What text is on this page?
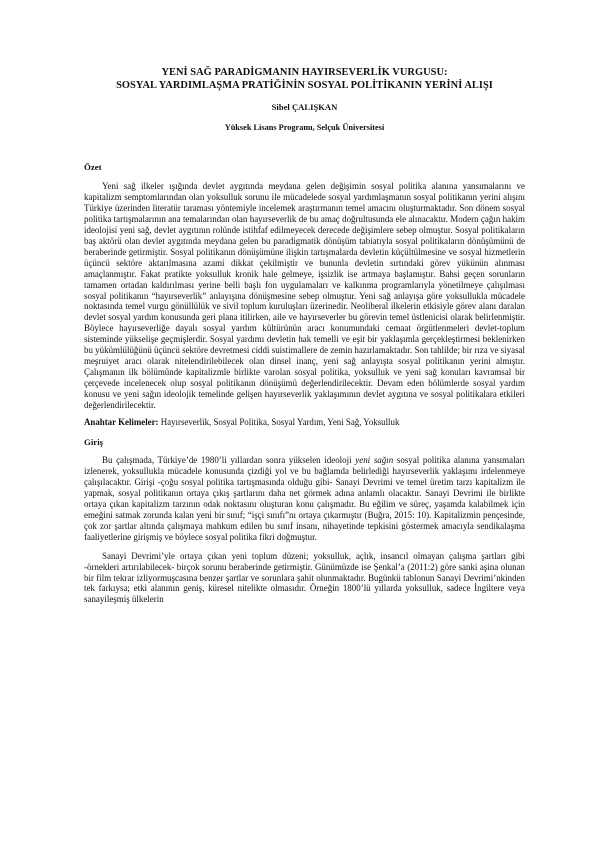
YENİ SAĞ PARADİGMANIN HAYIRSEVERLİK VURGUSU:
SOSYAL YARDIMLAŞMA PRATİĞİNİN SOSYAL POLİTİKANIN YERİNİ ALIŞI
Sibel ÇALIŞKAN
Yüksek Lisans Programı, Selçuk Üniversitesi
Özet

Yeni sağ ilkeler ışığında devlet aygıtında meydana gelen değişimin sosyal politika alanına yansımalarını ve kapitalizm semptomlarından olan yoksulluk sorunu ile mücadelede sosyal yardımlaşmanın sosyal politikanın yerini alışını Türkiye üzerinden literatür taraması yöntemiyle incelemek araştırmanın temel amacını oluşturmaktadır. Son dönem sosyal politika tartışmalarının ana temalarından olan hayırseverlik de bu amaç doğrultusunda ele alınacaktır. Modern çağın hakim ideolojisi yeni sağ, devlet aygıtının rolünde istihfaf edilmeyecek derecede değişimlere sebep olmuştur. Sosyal politikaların baş aktörü olan devlet aygıtında meydana gelen bu paradigmatik dönüşüm tabiatıyla sosyal politikaların dönüşümünü de beraberinde getirmiştir. Sosyal politikanın dönüşümüne ilişkin tartışmalarda devletin küçültülmesine ve sosyal hizmetlerin üçüncü sektöre aktarılmasına azami dikkat çekilmiştir ve bununla devletin sırtındaki görev yükünün alınması amaçlanmıştır. Fakat pratikte yoksulluk kronik hale gelmeye, işsizlik ise artmaya başlamıştır. Bahsi geçen sorunların tamamen ortadan kaldırılması yerine belli başlı fon uygulamaları ve kalkınma programlarıyla yönetilmeye çalışılması sosyal politikanın “hayırseverlik” anlayışına dönüşmesine sebep olmuştur. Yeni sağ anlayışa göre yoksullukla mücadele noktasında temel vurgu gönüllülük ve sivil toplum kuruluşları üzerinedir. Neoliberal ilkelerin etkisiyle görev alanı daralan devlet sosyal yardım konusunda geri plana itilirken, aile ve hayırseverler bu görevin temel üstlenicisi olarak belirlenmiştir. Böylece hayırseverliğe dayalı sosyal yardım kültürünün aracı konumundaki cemaat örgütlenmeleri devlet-toplum sisteminde yükselişe geçmişlerdir. Sosyal yardımı devletin hak temelli ve eşit bir yaklaşımla gerçekleştirmesi beklenirken bu yükümlülüğünü üçüncü sektöre devretmesi ciddi suistimallere de zemin hazırlamaktadır. Son tahlilde; bir rıza ve siyasal meşruiyet aracı olarak nitelendirilebilecek olan dinsel inanç, yeni sağ anlayışta sosyal politikanın yerini almıştır. Çalışmanın ilk bölümünde kapitalizmle birlikte varolan sosyal politika, yoksulluk ve yeni sağ konuları kavramsal bir çerçevede incelenecek olup sosyal politikanın dönüşümü değerlendirilecektir. Devam eden bölümlerde sosyal yardım konusu ve yeni sağın ideolojik temelinde gelişen hayırseverlik yaklaşımının devlet aygıtına ve sosyal politikalara etkileri değerlendirilecektir.

Anahtar Kelimeler: Hayırseverlik, Sosyal Politika, Sosyal Yardım, Yeni Sağ, Yoksulluk

Giriş

Bu çalışmada, Türkiye’de 1980’li yıllardan sonra yükselen ideoloji yeni sağın sosyal politika alanına yansımaları izlenerek, yoksullukla mücadele konusunda çizdiği yol ve bu bağlamda belirlediği hayırseverlik yaklaşımı irdelenmeye çalışılacaktır. Girişi -çoğu sosyal politika tartışmasında olduğu gibi- Sanayi Devrimi ve temel üretim tarzı kapitalizm ile yapmak, sosyal politikanın ortaya çıkış şartlarını daha net görmek adına anlamlı olacaktır. Sanayi Devrimi ile birlikte ortaya çıkan kapitalizm tarzının odak noktasını oluşturan konu çalışmadır. Bu eğilim ve süreç, yaşamda kalabilmek için emeğini satmak zorunda kalan yeni bir sınıf; “işçi sınıfı”nı ortaya çıkarmıştır (Buğra, 2015: 10). Kapitalizmin pençesinde, çok zor şartlar altında çalışmaya mahkum edilen bu sınıf insanı, nihayetinde tepkisini göstermek amacıyla sendikalaşma faaliyetlerine girişmiş ve böylece sosyal politika fikri doğmuştur.

Sanayi Devrimi’yle ortaya çıkan yeni toplum düzeni; yoksulluk, açlık, insancıl olmayan çalışma şartları gibi -örnekleri artırılabilecek- birçok sorunu beraberinde getirmiştir. Günümüzde ise Şenkal’a (2011:2) göre sanki aşina olunan bir film tekrar izliyormuşcasına benzer şartlar ve sorunlara şahit olunmaktadır. Bugünkü tablonun Sanayi Devrimi’nkinden tek farkıysa; etki alanının geniş, küresel nitelikte olmasıdır. Örneğin 1800’lü yıllarda yoksulluk, sadece İngiltere veya sanayileşmiş ülkelerin
